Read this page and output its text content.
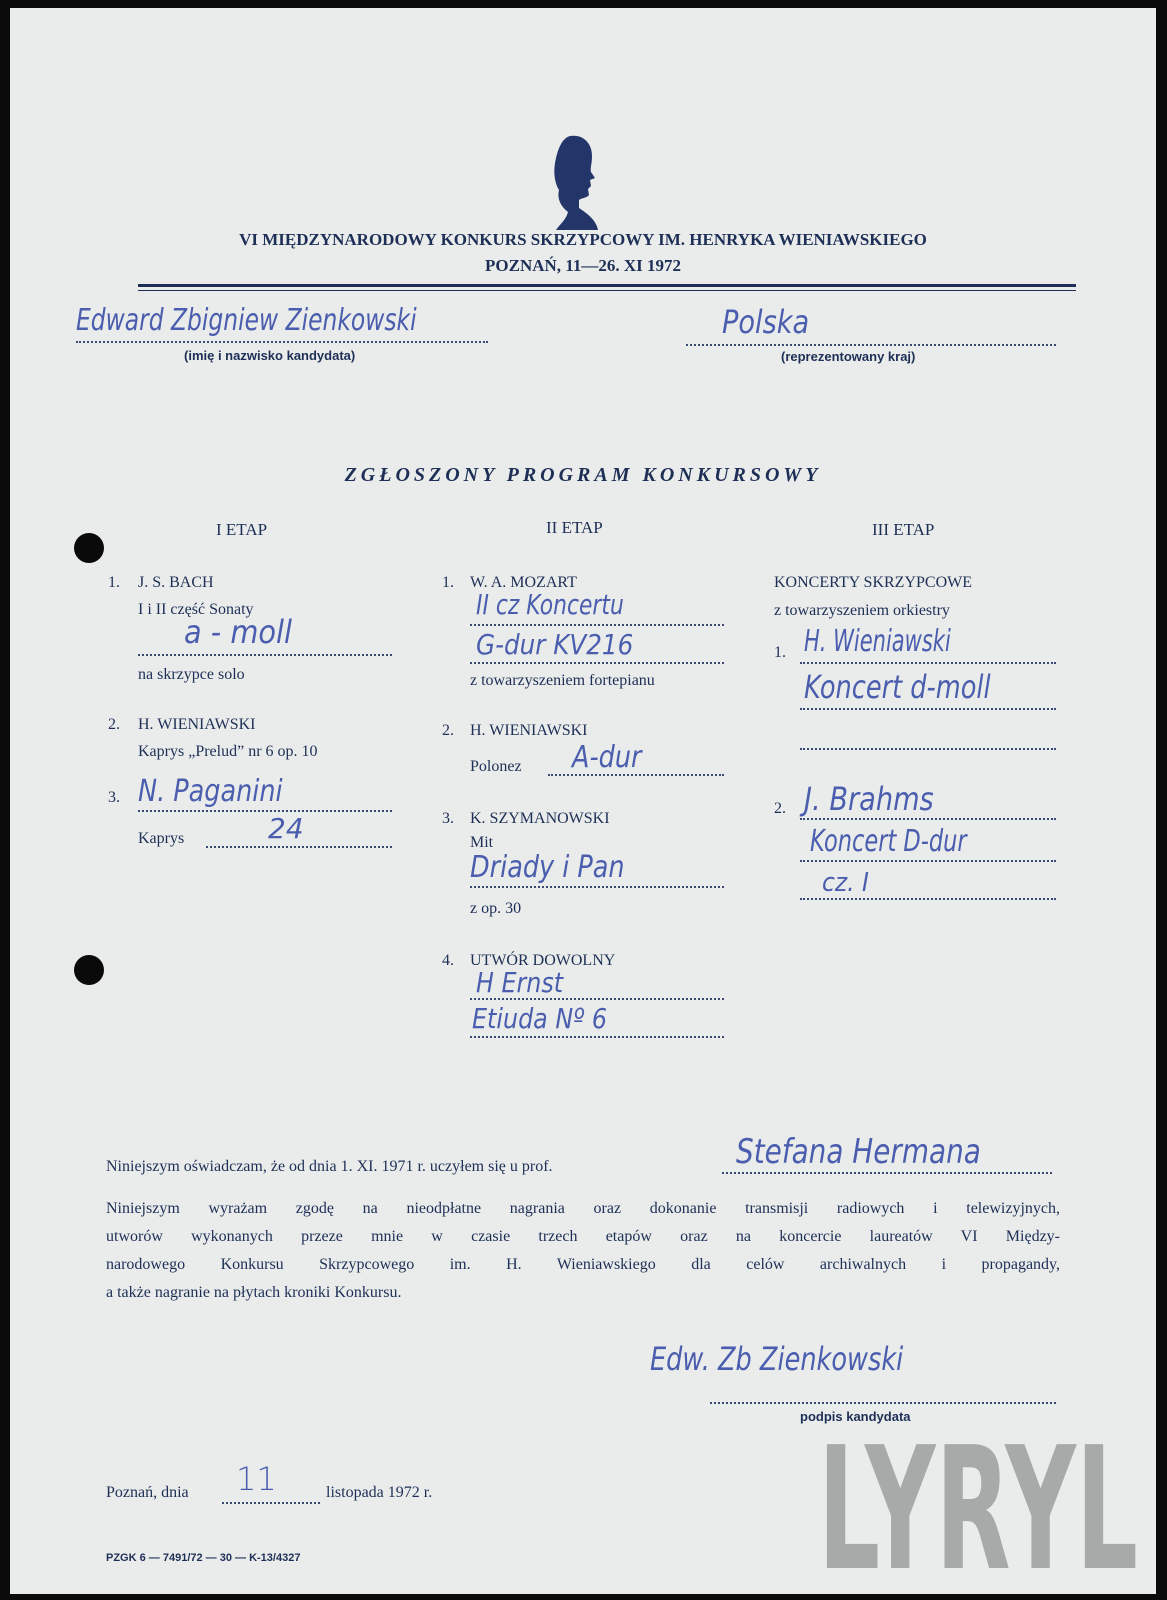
VI MIĘDZYNARODOWY KONKURS SKRZYPCOWY IM. HENRYKA WIENIAWSKIEGO
POZNAŃ, 11—26. XI 1972
Edward Zbigniew Zienkowski
(imię i nazwisko kandydata)
Polska
(reprezentowany kraj)
ZGŁOSZONY PROGRAM KONKURSOWY
I ETAP
1. J. S. BACH
I i II część Sonaty
a - moll
na skrzypce solo
2. H. WIENIAWSKI
Kaprys „Prelud” nr 6 op. 10
3. N. Paganini
Kaprys	24
II ETAP
1. W. A. MOZART
II cz Koncertu
G-dur KV216
z towarzyszeniem fortepianu
2. H. WIENIAWSKI
Polonez A-dur
3. K. SZYMANOWSKI
Mit
Driady i Pan
z op. 30
4. UTWÓR DOWOLNY
H Ernst
Etiuda Nº 6
III ETAP
KONCERTY SKRZYPCOWE
z towarzyszeniem orkiestry
1. H. Wieniawski
Koncert d-moll
2. J. Brahms
Koncert D-dur
cz. I
Niniejszym oświadczam, że od dnia 1. XI. 1971 r. uczyłem się u prof.	Stefana Hermana
Niniejszym wyrażam zgodę na nieodpłatne nagrania oraz dokonanie transmisji radiowych i telewizyjnych,
utworów wykonanych przeze mnie w czasie trzech etapów oraz na koncercie laureatów VI Między-
narodowego Konkursu Skrzypcowego im. H. Wieniawskiego dla celów archiwalnych i propagandy,
a także nagranie na płytach kroniki Konkursu.
Edw. Zb Zienkowski
podpis kandydata
Poznań, dnia 11	listopada 1972 r.
PZGK 6 — 7491/72 — 30 — K-13/4327	LYRYL
